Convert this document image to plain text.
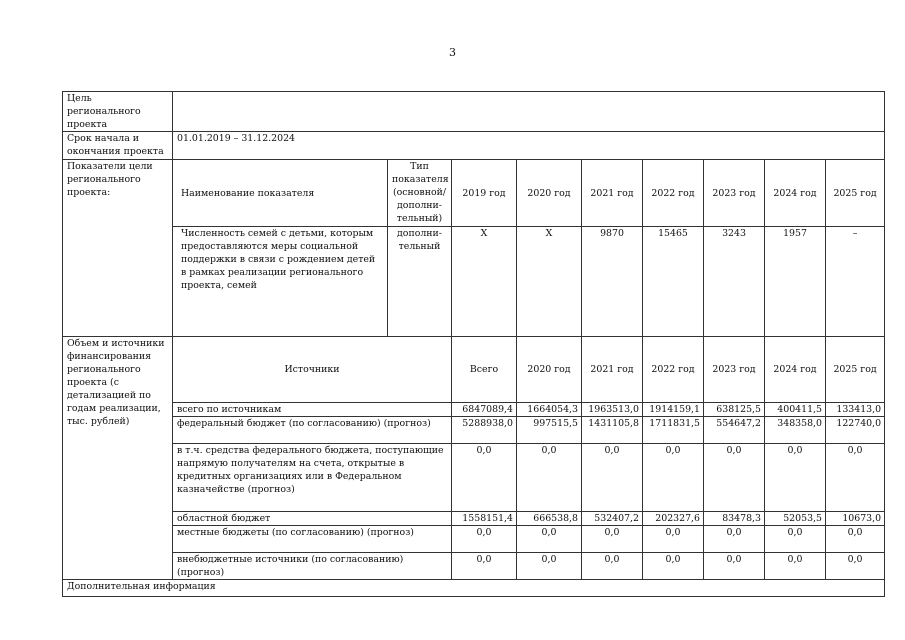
3
Цель регионального проекта										
Срок начала и окончания проекта	01.01.2019 – 31.12.2024									
Показатели цели регионального проекта:	Наименование показателя	Тип показателя (основной/ дополни-тельный)	2019 год	2020 год	2021 год	2022 год	2023 год	2024 год	2025 год	
	Численность семей с детьми, которым предоставляются меры социальной поддержки в связи с рождением детей в рамках реализации регионального проекта, семей	дополни-тельный	Х	Х	9870	15465	3243	1957	–	
Объем и источники финансирования регионального проекта (с детализацией по годам реализации, тыс. рублей)	Источники		Всего	2020 год	2021 год	2022 год	2023 год	2024 год	2025 год	
	всего по источникам		6847089,4	1664054,3	1963513,0	1914159,1	638125,5	400411,5	133413,0	
	федеральный бюджет (по согласованию) (прогноз)		5288938,0	997515,5	1431105,8	1711831,5	554647,2	348358,0	122740,0	
	в т.ч. средства федерального бюджета, поступающие напрямую получателям на счета, открытые в кредитных организациях или в Федеральном казначействе (прогноз)		0,0	0,0	0,0	0,0	0,0	0,0	0,0	
	областной бюджет		1558151,4	666538,8	532407,2	202327,6	83478,3	52053,5	10673,0	
	местные бюджеты (по согласованию) (прогноз)		0,0	0,0	0,0	0,0	0,0	0,0	0,0	
	внебюджетные источники (по согласованию) (прогноз)		0,0	0,0	0,0	0,0	0,0	0,0	0,0	
Дополнительная информация										
